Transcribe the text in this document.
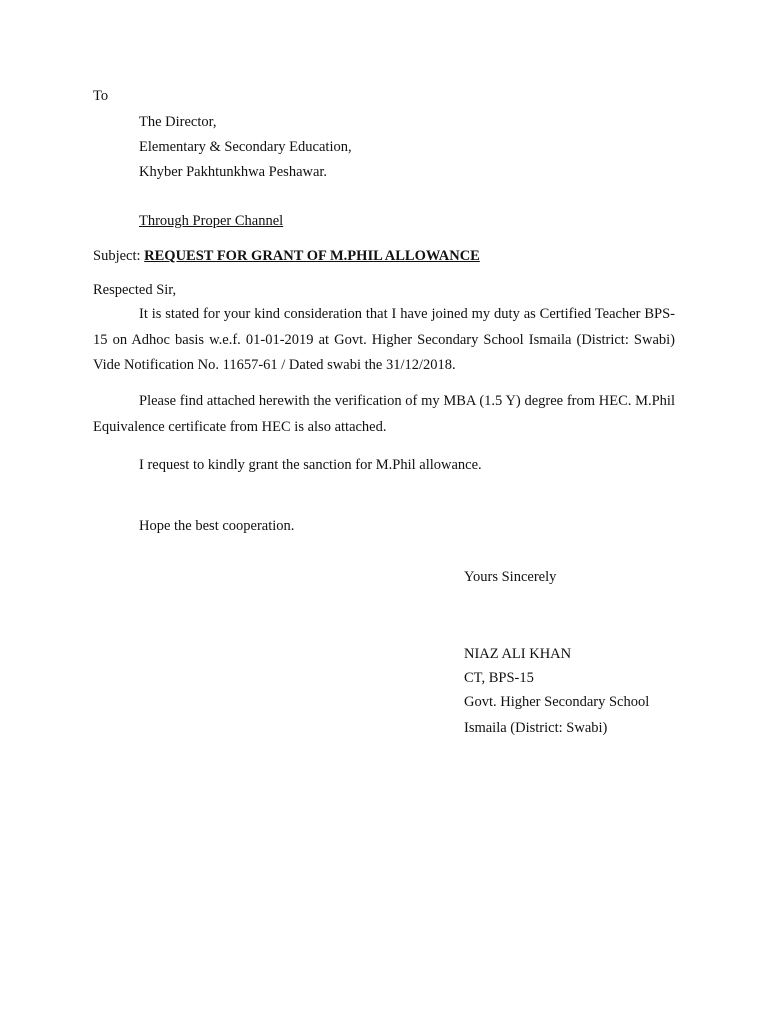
To
The Director,
Elementary & Secondary Education,
Khyber Pakhtunkhwa Peshawar.
Through Proper Channel
Subject: REQUEST FOR GRANT OF M.PHIL ALLOWANCE
Respected Sir,

It is stated for your kind consideration that I have joined my duty as Certified Teacher BPS-15 on Adhoc basis w.e.f. 01-01-2019 at Govt. Higher Secondary School Ismaila (District: Swabi) Vide Notification No. 11657-61 / Dated swabi the 31/12/2018.

Please find attached herewith the verification of my MBA (1.5 Y) degree from HEC. M.Phil Equivalence certificate from HEC is also attached.

I request to kindly grant the sanction for M.Phil allowance.
Hope the best cooperation.
Yours Sincerely
NIAZ ALI KHAN
CT, BPS-15
Govt. Higher Secondary School
Ismaila (District: Swabi)
